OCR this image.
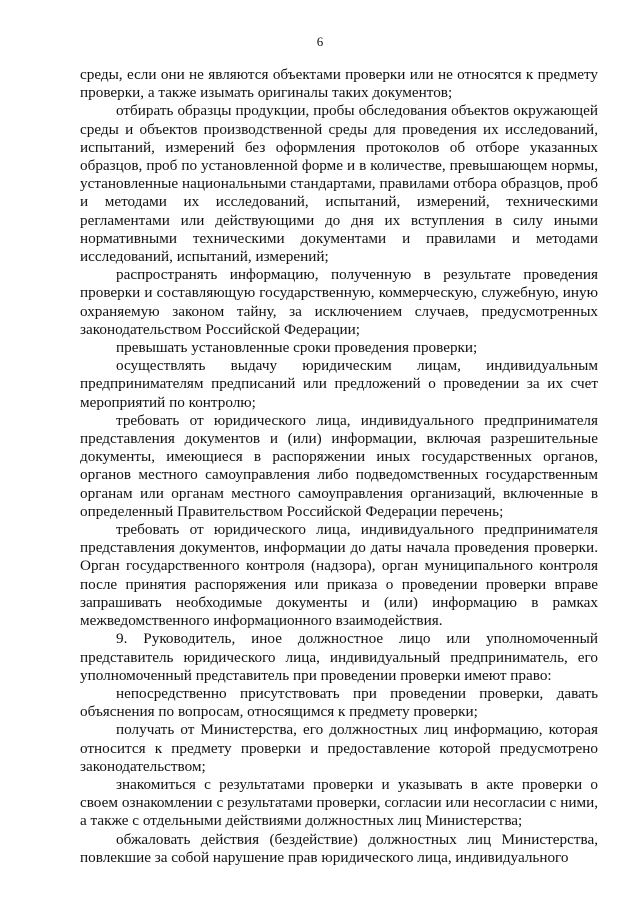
6

среды, если они не являются объектами проверки или не относятся к предмету проверки, а также изымать оригиналы таких документов;

отбирать образцы продукции, пробы обследования объектов окружающей среды и объектов производственной среды для проведения их исследований, испытаний, измерений без оформления протоколов об отборе указанных образцов, проб по установленной форме и в количестве, превышающем нормы, установленные национальными стандартами, правилами отбора образцов, проб и методами их исследований, испытаний, измерений, техническими регламентами или действующими до дня их вступления в силу иными нормативными техническими документами и правилами и методами исследований, испытаний, измерений;

распространять информацию, полученную в результате проведения проверки и составляющую государственную, коммерческую, служебную, иную охраняемую законом тайну, за исключением случаев, предусмотренных законодательством Российской Федерации;

превышать установленные сроки проведения проверки;

осуществлять выдачу юридическим лицам, индивидуальным предпринимателям предписаний или предложений о проведении за их счет мероприятий по контролю;

требовать от юридического лица, индивидуального предпринимателя представления документов и (или) информации, включая разрешительные документы, имеющиеся в распоряжении иных государственных органов, органов местного самоуправления либо подведомственных государственным органам или органам местного самоуправления организаций, включенные в определенный Правительством Российской Федерации перечень;

требовать от юридического лица, индивидуального предпринимателя представления документов, информации до даты начала проведения проверки. Орган государственного контроля (надзора), орган муниципального контроля после принятия распоряжения или приказа о проведении проверки вправе запрашивать необходимые документы и (или) информацию в рамках межведомственного информационного взаимодействия.

9. Руководитель, иное должностное лицо или уполномоченный представитель юридического лица, индивидуальный предприниматель, его уполномоченный представитель при проведении проверки имеют право:

непосредственно присутствовать при проведении проверки, давать объяснения по вопросам, относящимся к предмету проверки;

получать от Министерства, его должностных лиц информацию, которая относится к предмету проверки и предоставление которой предусмотрено законодательством;

знакомиться с результатами проверки и указывать в акте проверки о своем ознакомлении с результатами проверки, согласии или несогласии с ними, а также с отдельными действиями должностных лиц Министерства;

обжаловать действия (бездействие) должностных лиц Министерства, повлекшие за собой нарушение прав юридического лица, индивидуального
